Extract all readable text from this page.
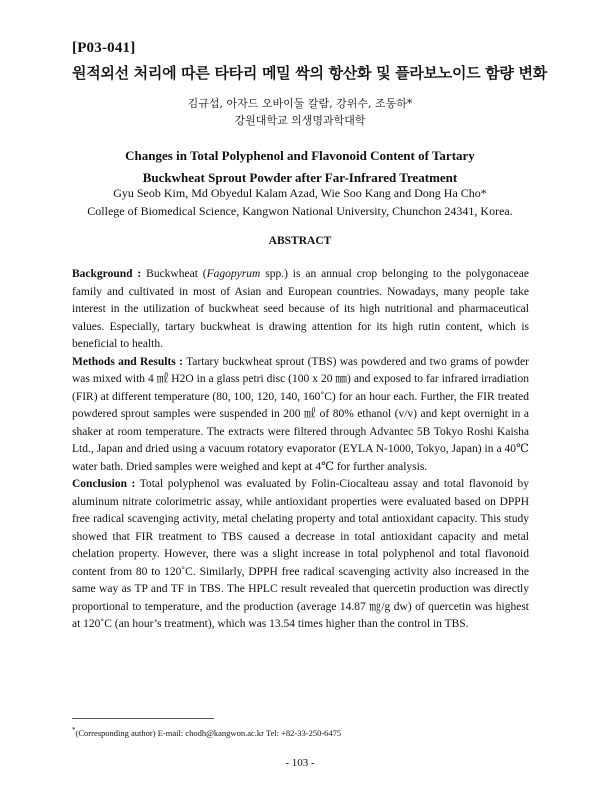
[P03-041]
원적외선 처리에 따른 타타리 메밀 싹의 항산화 및 플라보노이드 함량 변화
김규섭, 아자드 오바이둘 칼람, 강위수, 조동하*
강원대학교 의생명과학대학
Changes in Total Polyphenol and Flavonoid Content of Tartary
Buckwheat Sprout Powder after Far-Infrared Treatment
Gyu Seob Kim, Md Obyedul Kalam Azad, Wie Soo Kang and Dong Ha Cho*
College of Biomedical Science, Kangwon National University, Chunchon 24341, Korea.
ABSTRACT

Background : Buckwheat (Fagopyrum spp.) is an annual crop belonging to the polygonaceae family and cultivated in most of Asian and European countries. Nowadays, many people take interest in the utilization of buckwheat seed because of its high nutritional and pharmaceutical values. Especially, tartary buckwheat is drawing attention for its high rutin content, which is beneficial to health.

Methods and Results : Tartary buckwheat sprout (TBS) was powdered and two grams of powder was mixed with 4 ㎖ H2O in a glass petri disc (100 x 20 ㎜) and exposed to far infrared irradiation (FIR) at different temperature (80, 100, 120, 140, 160˚C) for an hour each. Further, the FIR treated powdered sprout samples were suspended in 200 ㎖ of 80% ethanol (v/v) and kept overnight in a shaker at room temperature. The extracts were filtered through Advantec 5B Tokyo Roshi Kaisha Ltd., Japan and dried using a vacuum rotatory evaporator (EYLA N-1000, Tokyo, Japan) in a 40℃ water bath. Dried samples were weighed and kept at 4℃ for further analysis.

Conclusion : Total polyphenol was evaluated by Folin-Ciocalteau assay and total flavonoid by aluminum nitrate colorimetric assay, while antioxidant properties were evaluated based on DPPH free radical scavenging activity, metal chelating property and total antioxidant capacity. This study showed that FIR treatment to TBS caused a decrease in total antioxidant capacity and metal chelation property. However, there was a slight increase in total polyphenol and total flavonoid content from 80 to 120˚C. Similarly, DPPH free radical scavenging activity also increased in the same way as TP and TF in TBS. The HPLC result revealed that quercetin production was directly proportional to temperature, and the production (average 14.87 ㎎/g dw) of quercetin was highest at 120˚C (an hour’s treatment), which was 13.54 times higher than the control in TBS.

*(Corresponding author) E-mail: chodh@kangwon.ac.kr Tel: +82-33-250-6475
- 103 -
